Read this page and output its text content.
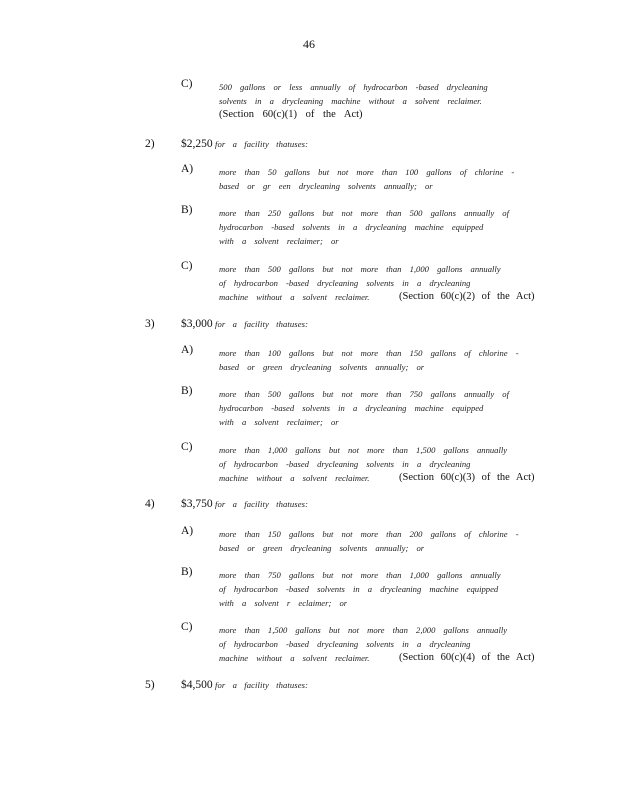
46
C)	500 gallons or less annually of hydrocarbon -based drycleaning
solvents in a drycleaning machine without a solvent reclaimer.
(Section 60(c)(1) of the Act)
2) $2,250 for a facility thatuses:
A)	more than 50 gallons but not more than 100 gallons of chlorine -
based or gr een drycleaning solvents annually; or
B)	more than 250 gallons but not more than 500 gallons annually of
hydrocarbon -based solvents in a drycleaning machine equipped
with a solvent reclaimer; or
C)	more than 500 gallons but not more than 1,000 gallons annually
of hydrocarbon -based drycleaning solvents in a drycleaning
machine without a solvent reclaimer.	(Section 60(c)(2) of the Act)
3) $3,000 for a facility thatuses:
A)	more than 100 gallons but not more than 150 gallons of chlorine -
based or green drycleaning solvents annually; or
B)	more than 500 gallons but not more than 750 gallons annually of
hydrocarbon -based solvents in a drycleaning machine equipped
with a solvent reclaimer; or
C)	more than 1,000 gallons but not more than 1,500 gallons annually
of hydrocarbon -based drycleaning solvents in a drycleaning
machine without a solvent reclaimer.	(Section 60(c)(3) of the Act)
4) $3,750 for a facility thatuses:
A)	more than 150 gallons but not more than 200 gallons of chlorine -
based or green drycleaning solvents annually; or
B)	more than 750 gallons but not more than 1,000 gallons annually
of hydrocarbon -based solvents in a drycleaning machine equipped
with a solvent r eclaimer; or
C)	more than 1,500 gallons but not more than 2,000 gallons annually
of hydrocarbon -based drycleaning solvents in a drycleaning
machine without a solvent reclaimer.	(Section 60(c)(4) of the Act)
5) $4,500 for a facility thatuses:
